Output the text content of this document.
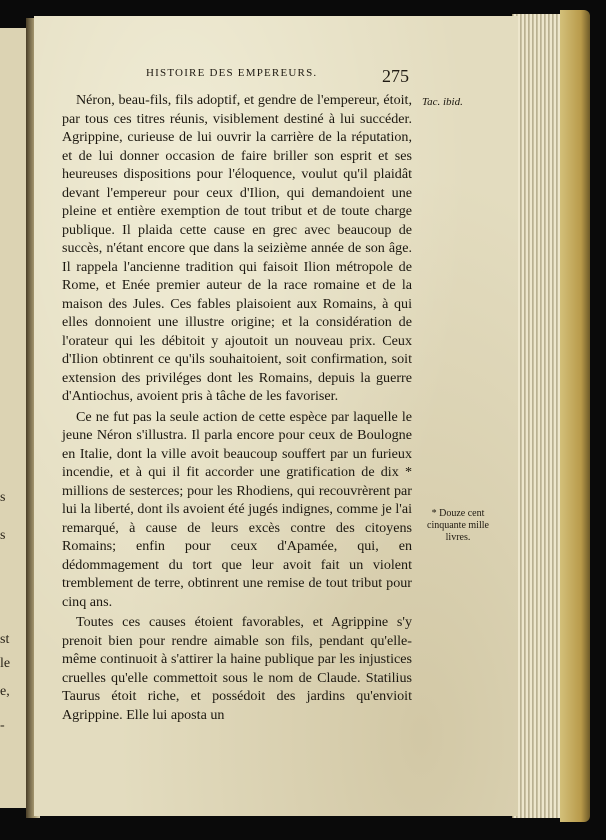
s
s
st
le
e,
-
HISTOIRE DES EMPEREURS.	275
Tac. ibid.
* Douze cent cinquante mille livres.

Néron, beau-fils, fils adoptif, et gendre de l'empereur, étoit, par tous ces titres réunis, visiblement destiné à lui succéder. Agrippine, curieuse de lui ouvrir la carrière de la réputation, et de lui donner occasion de faire briller son esprit et ses heureuses dispositions pour l'éloquence, voulut qu'il plaidât devant l'empereur pour ceux d'Ilion, qui demandoient une pleine et entière exemption de tout tribut et de toute charge publique. Il plaida cette cause en grec avec beaucoup de succès, n'étant encore que dans la seizième année de son âge. Il rappela l'ancienne tradition qui faisoit Ilion métropole de Rome, et Enée premier auteur de la race romaine et de la maison des Jules. Ces fables plaisoient aux Romains, à qui elles donnoient une illustre origine; et la considération de l'orateur qui les débitoit y ajoutoit un nouveau prix. Ceux d'Ilion obtinrent ce qu'ils souhaitoient, soit confirmation, soit extension des priviléges dont les Romains, depuis la guerre d'Antiochus, avoient pris à tâche de les favoriser.

Ce ne fut pas la seule action de cette espèce par laquelle le jeune Néron s'illustra. Il parla encore pour ceux de Boulogne en Italie, dont la ville avoit beaucoup souffert par un furieux incendie, et à qui il fit accorder une gratification de dix * millions de sesterces; pour les Rhodiens, qui recouvrèrent par lui la liberté, dont ils avoient été jugés indignes, comme je l'ai remarqué, à cause de leurs excès contre des citoyens Romains; enfin pour ceux d'Apamée, qui, en dédommagement du tort que leur avoit fait un violent tremblement de terre, obtinrent une remise de tout tribut pour cinq ans.

Toutes ces causes étoient favorables, et Agrippine s'y prenoit bien pour rendre aimable son fils, pendant qu'elle-même continuoit à s'attirer la haine publique par les injustices cruelles qu'elle commettoit sous le nom de Claude. Statilius Taurus étoit riche, et possédoit des jardins qu'envioit Agrippine. Elle lui aposta un
